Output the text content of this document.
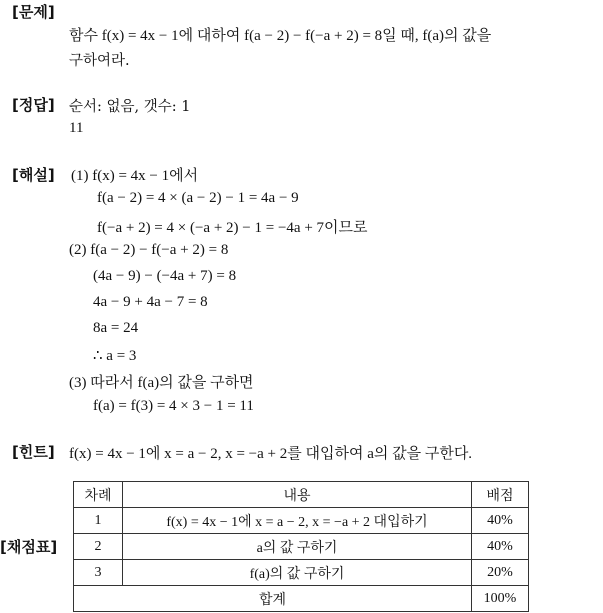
[문제]
함수 f(x) = 4x − 1에 대하여 f(a − 2) − f(−a + 2) = 8일 때, f(a)의 값을
구하여라.
[정답] 순서: 없음, 갯수: 1
11
[해설] (1) f(x) = 4x − 1에서
f(a − 2) = 4 × (a − 2) − 1 = 4a − 9
f(−a + 2) = 4 × (−a + 2) − 1 = −4a + 7이므로
(2) f(a − 2) − f(−a + 2) = 8
(4a − 9) − (−4a + 7) = 8
4a − 9 + 4a − 7 = 8
8a = 24
∴ a = 3
(3) 따라서 f(a)의 값을 구하면
f(a) = f(3) = 4 × 3 − 1 = 11
[힌트] f(x) = 4x − 1에 x = a − 2, x = −a + 2를 대입하여 a의 값을 구한다.
[채점표]
차례	내용	배점
1	f(x) = 4x − 1에 x = a − 2, x = −a + 2 대입하기	40%
2	a의 값 구하기	40%
3	f(a)의 값 구하기	20%
합계		100%
